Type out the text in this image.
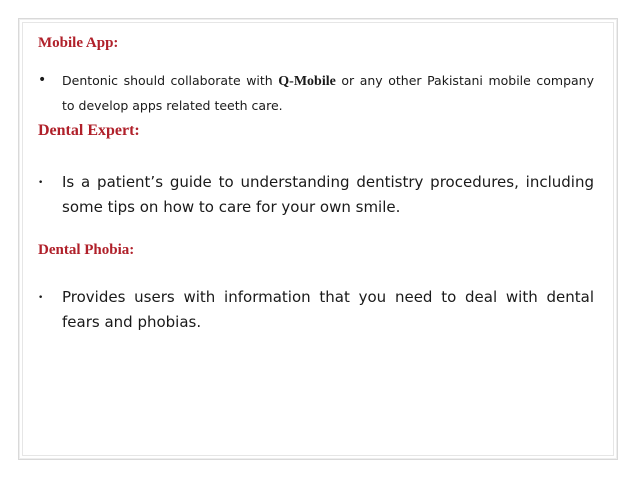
Mobile App:
• Dentonic should collaborate with Q-Mobile or any other Pakistani mobile company to develop apps related teeth care.
Dental Expert:
• Is a patient’s guide to understanding dentistry procedures, including some tips on how to care for your own smile.
Dental Phobia:
• Provides users with information that you need to deal with dental fears and phobias.
